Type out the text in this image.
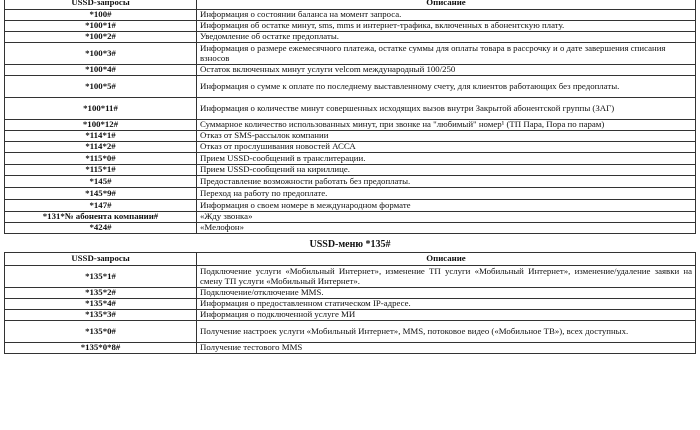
USSD-запросы	Описание
*100#	Информация о состоянии баланса на момент запроса.
*100*1#	Информация об остатке минут, sms, mms и интернет-трафика, включенных в абонентскую плату.
*100*2#	Уведомление об остатке предоплаты.
*100*3#	Информация о размере ежемесячного платежа, остатке суммы для оплаты товара в рассрочку и о дате завершения списания взносов
*100*4#	Остаток включенных минут услуги velcom международный 100/250
*100*5#	Информация о сумме к оплате по последнему выставленному счету, для клиентов работающих без предоплаты.
*100*11#	Информация о количестве минут совершенных исходящих вызов внутри Закрытой абонентской группы (ЗАГ)
*100*12#	Суммарное количество использованных минут, при звонке на "любимый" номер¹ (ТП Пара, Пора по парам)
*114*1#	Отказ от SMS-рассылок компании
*114*2#	Отказ от прослушивания новостей АССА
*115*0#	Прием USSD-сообщений в транслитерации.
*115*1#	Прием USSD-сообщений на кириллице.
*145#	Предоставление возможности работать без предоплаты.
*145*9#	Переход на работу по предоплате.
*147#	Информация о своем номере в международном формате
*131*№ абонента компании#	«Жду звонка»
*424#	«Мелофон»
USSD-меню *135#
USSD-запросы	Описание
*135*1#	Подключение услуги «Мобильный Интернет», изменение ТП услуги «Мобильный Интернет», изменение/удаление заявки на смену ТП услуги «Мобильный Интернет».
*135*2#	Подключение/отключение MMS.
*135*4#	Информация о предоставленном статическом IP-адресе.
*135*3#	Информация о подключенной услуге МИ
*135*0#	Получение настроек услуги «Мобильный Интернет», MMS, потоковое видео («Мобильное ТВ»), всех доступных.
*135*0*8#	Получение тестового MMS
